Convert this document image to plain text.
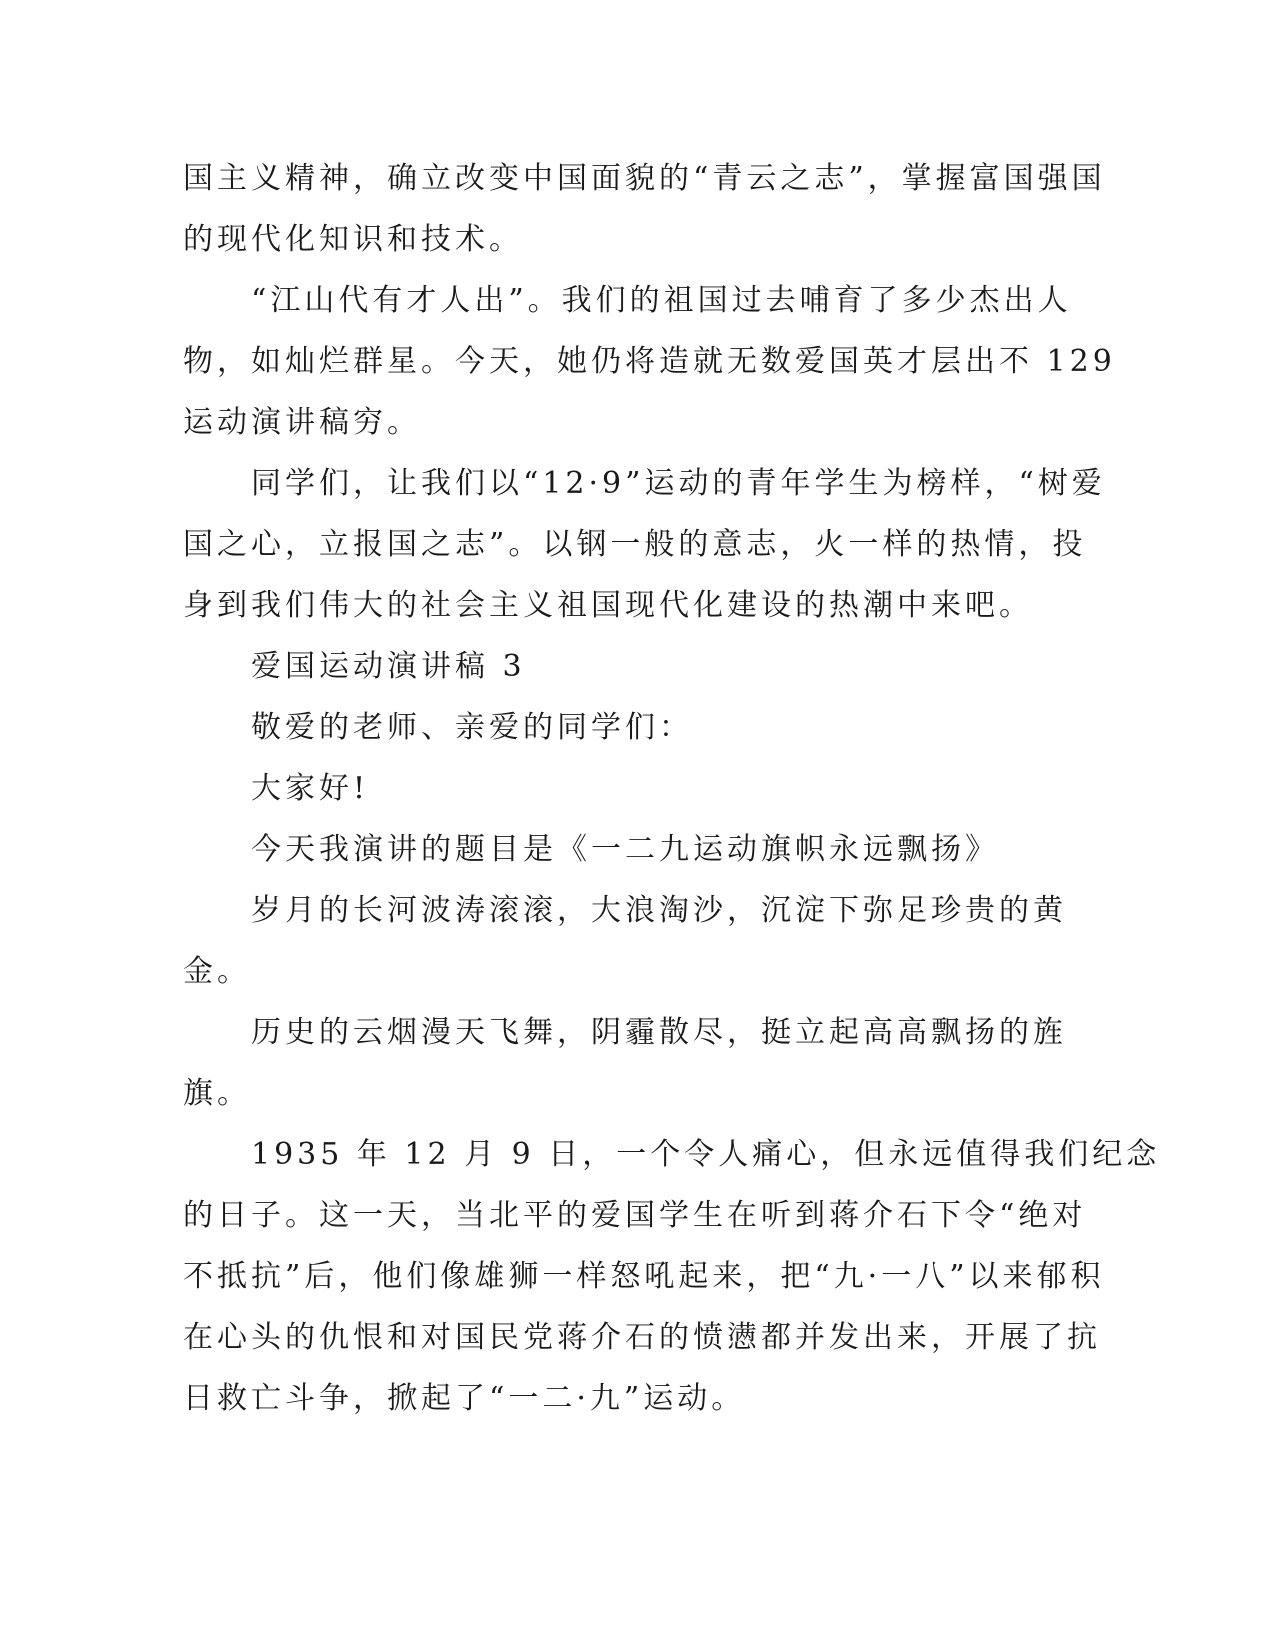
国主义精神，确立改变中国面貌的“青云之志”，掌握富国强国
的现代化知识和技术。

“江山代有才人出”。我们的祖国过去哺育了多少杰出人
物，如灿烂群星。今天，她仍将造就无数爱国英才层出不 129
运动演讲稿穷。

同学们，让我们以“12·9”运动的青年学生为榜样，“树爱
国之心，立报国之志”。以钢一般的意志，火一样的热情，投
身到我们伟大的社会主义祖国现代化建设的热潮中来吧。

爱国运动演讲稿 3

敬爱的老师、亲爱的同学们：

大家好!

今天我演讲的题目是《一二九运动旗帜永远飘扬》

岁月的长河波涛滚滚，大浪淘沙，沉淀下弥足珍贵的黄
金。

历史的云烟漫天飞舞，阴霾散尽，挺立起高高飘扬的旌
旗。

1935 年 12 月 9 日，一个令人痛心，但永远值得我们纪念
的日子。这一天，当北平的爱国学生在听到蒋介石下令“绝对
不抵抗”后，他们像雄狮一样怒吼起来，把“九·一八”以来郁积
在心头的仇恨和对国民党蒋介石的愤懑都并发出来，开展了抗
日救亡斗争，掀起了“一二·九”运动。
